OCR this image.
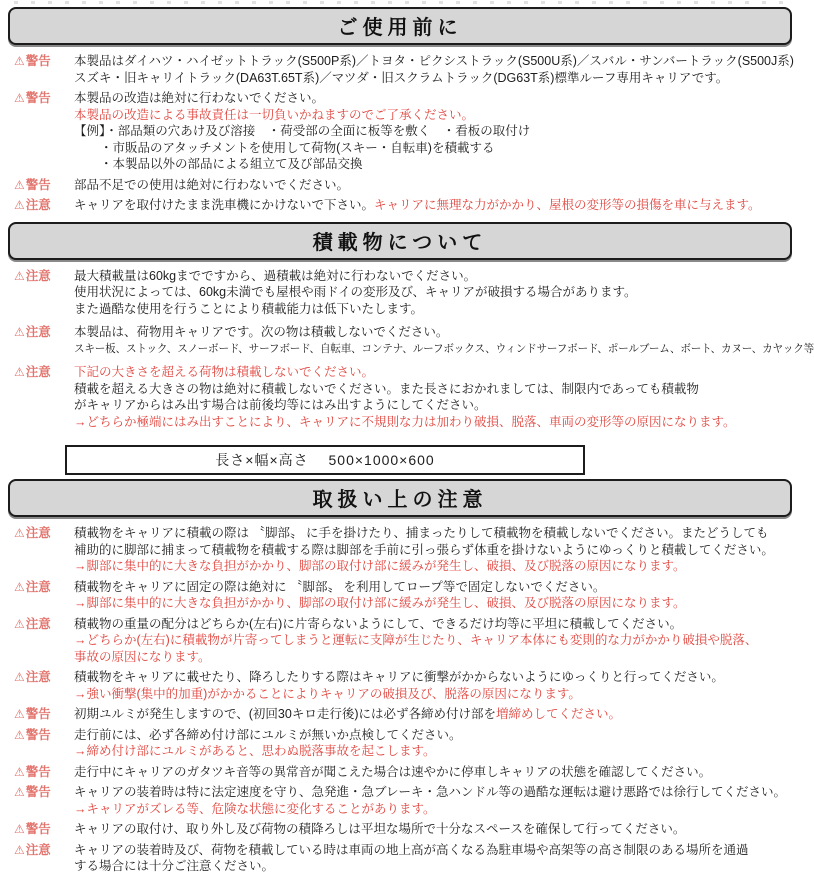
ご使用前に
⚠警告	本製品はダイハツ・ハイゼットトラック(S500P系)／トヨタ・ピクシストラック(S500U系)／スバル・サンバートラック(S500J系)
スズキ・旧キャリイトラック(DA63T.65T系)／マツダ・旧スクラムトラック(DG63T系)標準ルーフ専用キャリアです。
⚠警告	本製品の改造は絶対に行わないでください。
本製品の改造による事故責任は一切負いかねますのでご了承ください。
【例】・部品類の穴あけ及び溶接　・荷受部の全面に板等を敷く　・看板の取付け
・市販品のアタッチメントを使用して荷物(スキー・自転車)を積載する
・本製品以外の部品による組立て及び部品交換
⚠警告	部品不足での使用は絶対に行わないでください。
⚠注意	キャリアを取付けたまま洗車機にかけないで下さい。キャリアに無理な力がかかり、屋根の変形等の損傷を車に与えます。
積載物について
⚠注意	最大積載量は60kgまでですから、過積載は絶対に行わないでください。
使用状況によっては、60kg未満でも屋根や雨ドイの変形及び、キャリアが破損する場合があります。
また過酷な使用を行うことにより積載能力は低下いたします。
⚠注意	本製品は、荷物用キャリアです。次の物は積載しないでください。
スキー板、ストック、スノーボード、サーフボード、自転車、コンテナ、ルーフボックス、ウィンドサーフボード、ポールブーム、ボート、カヌー、カヤック等
⚠注意	下記の大きさを超える荷物は積載しないでください。
積載を超える大きさの物は絶対に積載しないでください。また長さにおかれましては、制限内であっても積載物
がキャリアからはみ出す場合は前後均等にはみ出すようにしてください。
→どちらか極端にはみ出すことにより、キャリアに不規則な力は加わり破損、脱落、車両の変形等の原因になります。
長さ×幅×高さ　 500×1000×600
取扱い上の注意
⚠注意	積載物をキャリアに積載の際は 〝脚部〟 に手を掛けたり、捕まったりして積載物を積載しないでください。またどうしても
補助的に脚部に捕まって積載物を積載する際は脚部を手前に引っ張らず体重を掛けないようにゆっくりと積載してください。
→脚部に集中的に大きな負担がかかり、脚部の取付け部に緩みが発生し、破損、及び脱落の原因になります。
⚠注意	積載物をキャリアに固定の際は絶対に 〝脚部〟 を利用してロープ等で固定しないでください。
→脚部に集中的に大きな負担がかかり、脚部の取付け部に緩みが発生し、破損、及び脱落の原因になります。
⚠注意	積載物の重量の配分はどちらか(左右)に片寄らないようにして、できるだけ均等に平坦に積載してください。
→どちらか(左右)に積載物が片寄ってしまうと運転に支障が生じたり、キャリア本体にも変則的な力がかかり破損や脱落、
事故の原因になります。
⚠注意	積載物をキャリアに載せたり、降ろしたりする際はキャリアに衝撃がかからないようにゆっくりと行ってください。
→強い衝撃(集中的加重)がかかることによりキャリアの破損及び、脱落の原因になります。
⚠警告	初期ユルミが発生しますので、(初回30キロ走行後)には必ず各締め付け部を増締めしてください。
⚠警告	走行前には、必ず各締め付け部にユルミが無いか点検してください。
→締め付け部にユルミがあると、思わぬ脱落事故を起こします。
⚠警告	走行中にキャリアのガタツキ音等の異常音が聞こえた場合は速やかに停車しキャリアの状態を確認してください。
⚠警告	キャリアの装着時は特に法定速度を守り、急発進・急ブレーキ・急ハンドル等の過酷な運転は避け悪路では徐行してください。
→キャリアがズレる等、危険な状態に変化することがあります。
⚠警告	キャリアの取付け、取り外し及び荷物の積降ろしは平坦な場所で十分なスペースを確保して行ってください。
⚠注意	キャリアの装着時及び、荷物を積載している時は車両の地上高が高くなる為駐車場や高架等の高さ制限のある場所を通過
する場合には十分ご注意ください。
